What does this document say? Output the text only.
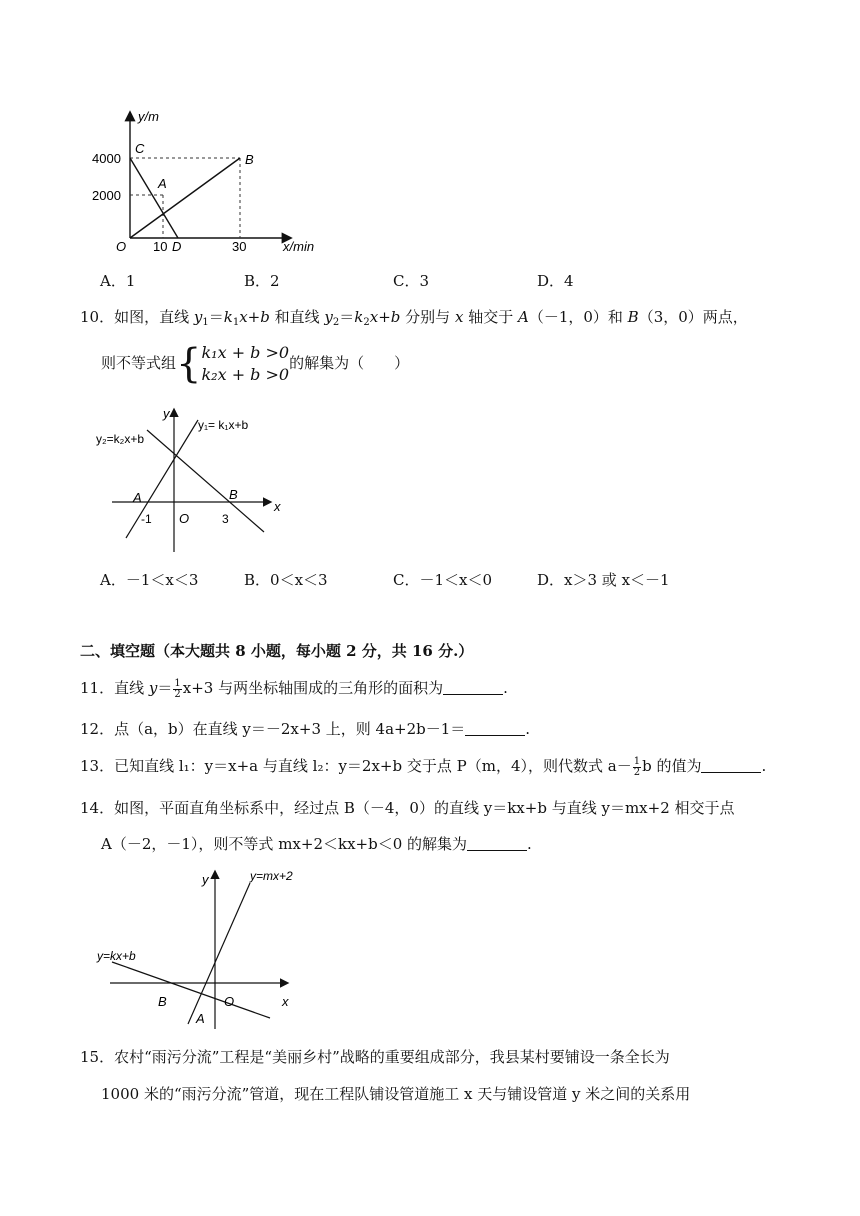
y/m
x/min
4000
2000
10	30
O
A
B
C
D
A．1	B．2	C．3	D．4
10．如图，直线 $y_1=k_1x+b$ 和直线 $y_2=k_2x+b$ 分别与 x 轴交于 A（－1，0）和 B（3，0）两点，
则不等式组{ k₁x + b >0
k₂x + b >0
的解集为（　　）
y₂=k₂x+b
y₁= k₁x+b
y
x
A	B
O
-1	3
A．－1＜x＜3	B．0＜x＜3	C．－1＜x＜0	D．x＞3 或 x＜－1
二、填空题（本大题共 8 小题，每小题 2 分，共 16 分.）
11．直线 $y= \frac{1}{2} x+3$ 与两坐标轴围成的三角形的面积为	.
12．点（a，b）在直线 y＝－2x+3 上，则 4a+2b－1＝	.
13．已知直线 l₁：y＝x+a 与直线 l₂：y＝2x+b 交于点 P（m，4），则代数式 $a- \frac{1}{2}$ b 的值为	.
14．如图，平面直角坐标系中，经过点 B（－4，0）的直线 y＝kx+b 与直线 y＝mx+2 相交于点
A（－2，－1），则不等式 mx+2＜kx+b＜0 的解集为	.
y
x
y=mx+2
y=kx+b
B	O
A
15．农村“雨污分流”工程是“美丽乡村”战略的重要组成部分，我县某村要铺设一条全长为
1000 米的“雨污分流”管道，现在工程队铺设管道施工 x 天与铺设管道 y 米之间的关系用
